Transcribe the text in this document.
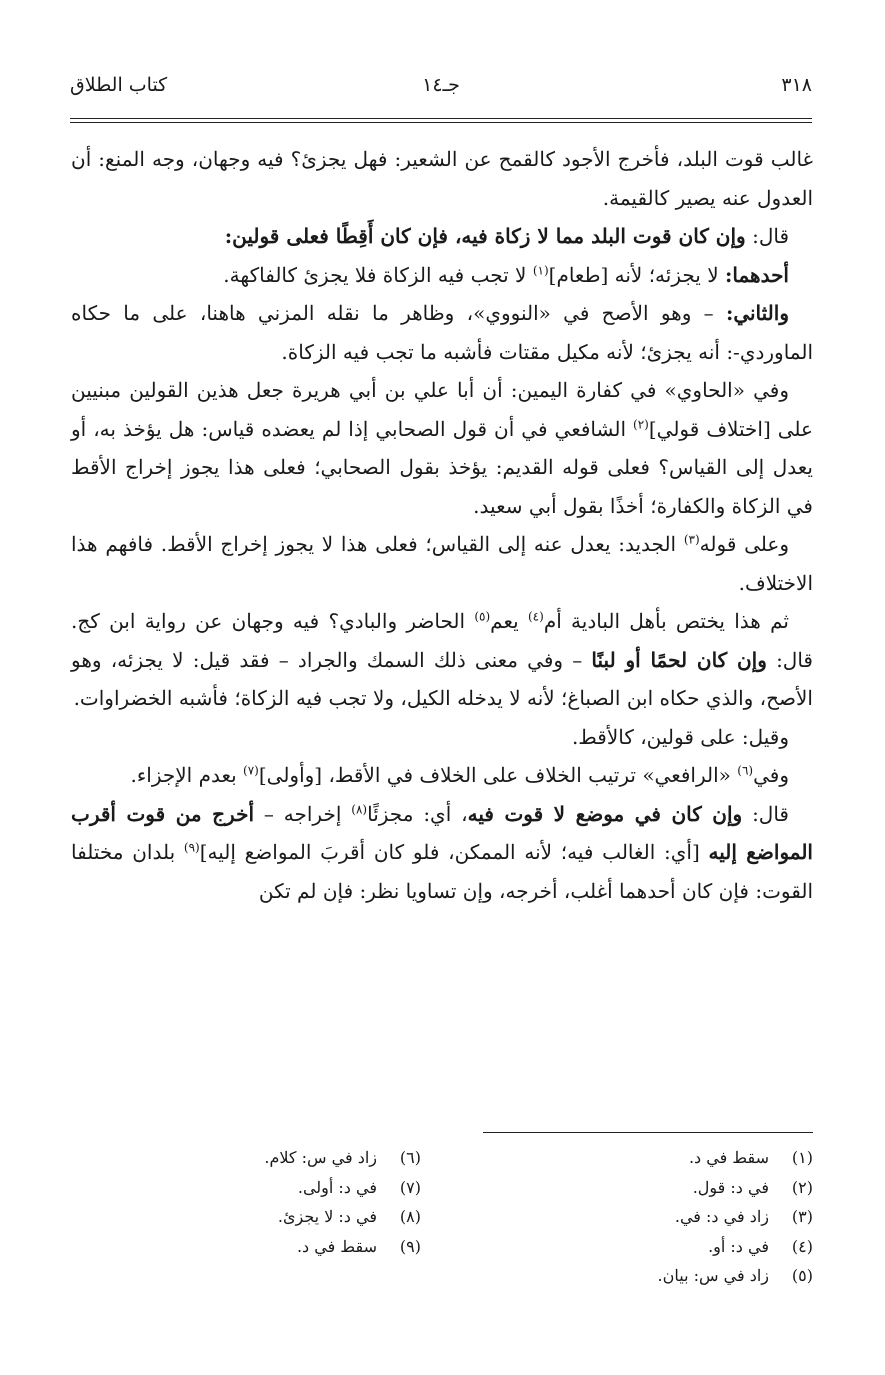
٣١٨
جـ١٤
كتاب الطلاق

غالب قوت البلد، فأخرج الأجود كالقمح عن الشعير: فهل يجزئ؟ فيه وجهان، وجه المنع: أن العدول عنه يصير كالقيمة.

قال: وإن كان قوت البلد مما لا زكاة فيه، فإن كان أَقِطًا فعلى قولين:

أحدهما: لا يجزئه؛ لأنه [طعام]$^{(١)}$ لا تجب فيه الزكاة فلا يجزئ كالفاكهة.

والثاني: – وهو الأصح في «النووي»، وظاهر ما نقله المزني هاهنا، على ما حكاه الماوردي-: أنه يجزئ؛ لأنه مكيل مقتات فأشبه ما تجب فيه الزكاة.

وفي «الحاوي» في كفارة اليمين: أن أبا علي بن أبي هريرة جعل هذين القولين مبنيين على [اختلاف قولي]$^{(٢)}$ الشافعي في أن قول الصحابي إذا لم يعضده قياس: هل يؤخذ به، أو يعدل إلى القياس؟ فعلى قوله القديم: يؤخذ بقول الصحابي؛ فعلى هذا يجوز إخراج الأقط في الزكاة والكفارة؛ أخذًا بقول أبي سعيد.

وعلى قوله$^{(٣)}$ الجديد: يعدل عنه إلى القياس؛ فعلى هذا لا يجوز إخراج الأقط. فافهم هذا الاختلاف.

ثم هذا يختص بأهل البادية أم$^{(٤)}$ يعم$^{(٥)}$ الحاضر والبادي؟ فيه وجهان عن رواية ابن كج. قال: وإن كان لحمًا أو لبنًا – وفي معنى ذلك السمك والجراد – فقد قيل: لا يجزئه، وهو الأصح، والذي حكاه ابن الصباغ؛ لأنه لا يدخله الكيل، ولا تجب فيه الزكاة؛ فأشبه الخضراوات.

وقيل: على قولين، كالأقط.

وفي$^{(٦)}$ «الرافعي» ترتيب الخلاف على الخلاف في الأقط، [وأولى]$^{(٧)}$ بعدم الإجزاء.

قال: وإن كان في موضع لا قوت فيه، أي: مجزئًا$^{(٨)}$ إخراجه – أخرج من قوت أقرب المواضع إليه [أي: الغالب فيه؛ لأنه الممكن، فلو كان أقربَ المواضع إليه]$^{(٩)}$ بلدان مختلفا القوت: فإن كان أحدهما أغلب، أخرجه، وإن تساويا نظر: فإن لم تكن

(١)سقط في د.
(٢)في د: قول.
(٣)زاد في د: في.
(٤)في د: أو.
(٥)زاد في س: بيان.
(٦)زاد في س: كلام.
(٧)في د: أولى.
(٨)في د: لا يجزئ.
(٩)سقط في د.
